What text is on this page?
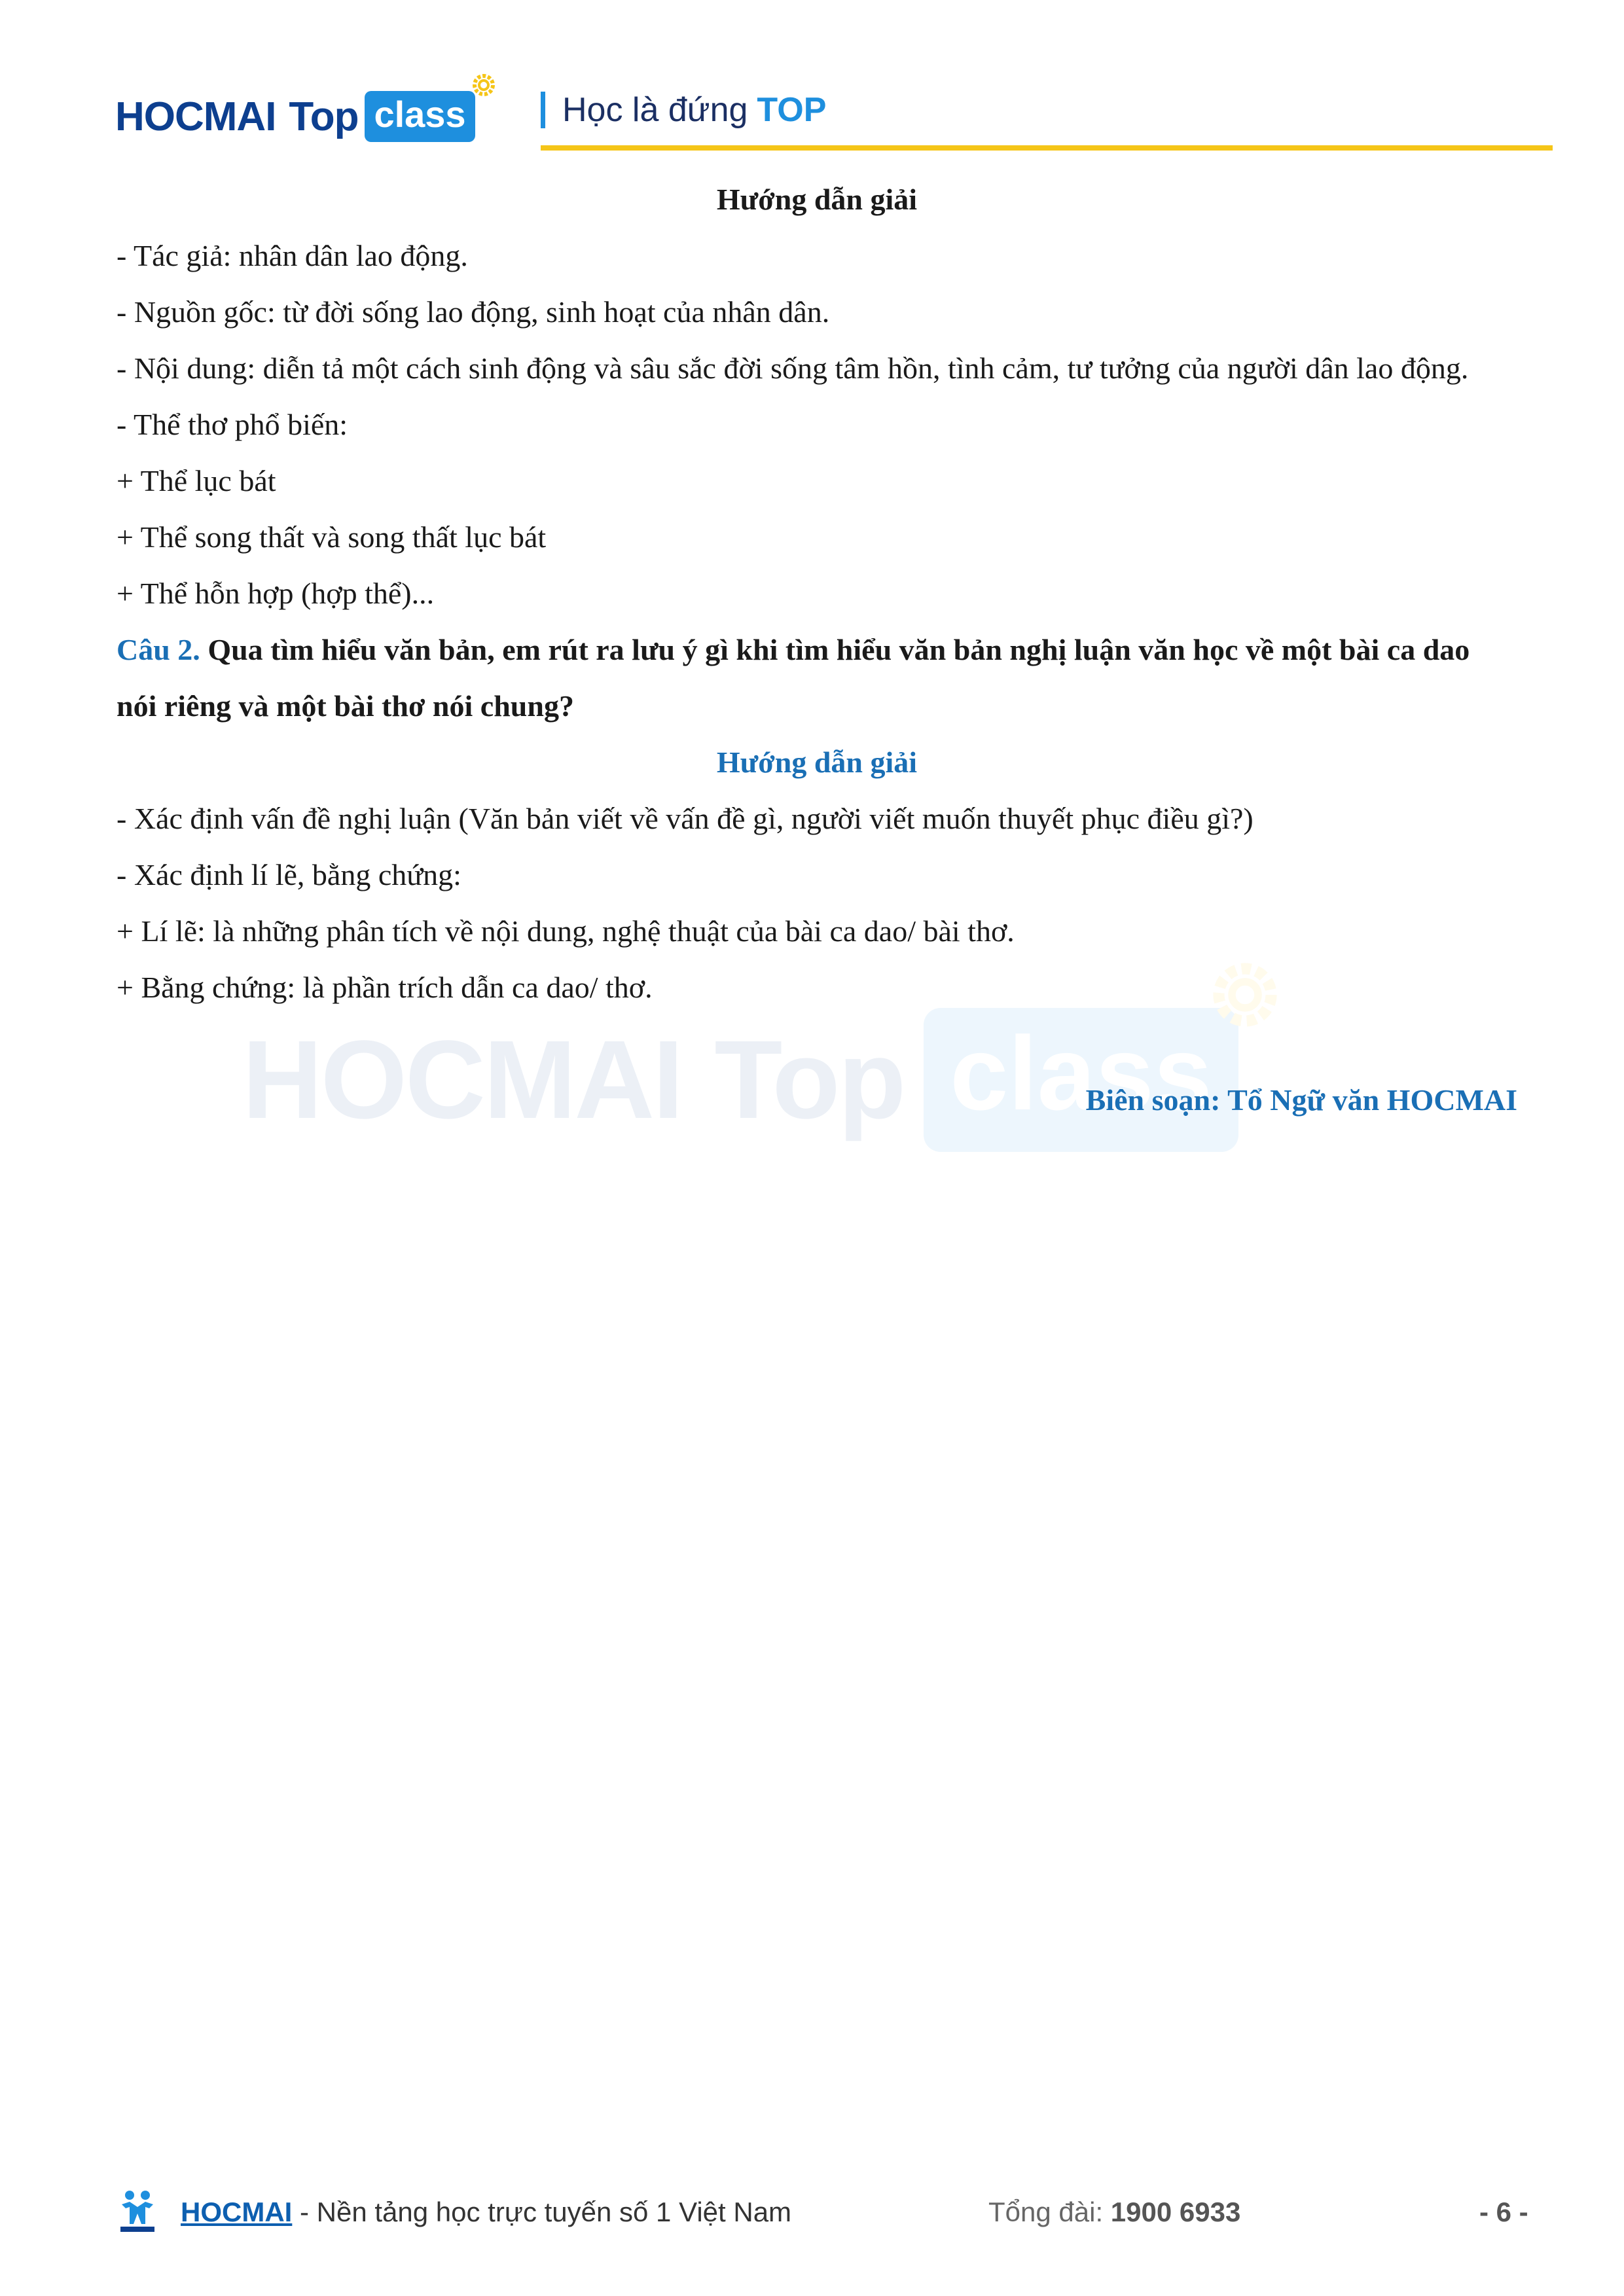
HOCMAI Top class	Học là đứng TOP
HOCMAI Top class

Hướng dẫn giải

- Tác giả: nhân dân lao động.

- Nguồn gốc: từ đời sống lao động, sinh hoạt của nhân dân.

- Nội dung: diễn tả một cách sinh động và sâu sắc đời sống tâm hồn, tình cảm, tư tưởng của người dân lao động.

- Thể thơ phổ biến:

+ Thể lục bát

+ Thể song thất và song thất lục bát

+ Thể hỗn hợp (hợp thể)...

Câu 2. Qua tìm hiểu văn bản, em rút ra lưu ý gì khi tìm hiểu văn bản nghị luận văn học về một bài ca dao nói riêng và một bài thơ nói chung?

Hướng dẫn giải

- Xác định vấn đề nghị luận (Văn bản viết về vấn đề gì, người viết muốn thuyết phục điều gì?)

- Xác định lí lẽ, bằng chứng:

+ Lí lẽ: là những phân tích về nội dung, nghệ thuật của bài ca dao/ bài thơ.

+ Bằng chứng: là phần trích dẫn ca dao/ thơ.

Biên soạn: Tổ Ngữ văn HOCMAI

HOCMAI - Nền tảng học trực tuyến số 1 Việt Nam	Tổng đài: 1900 6933	- 6 -
